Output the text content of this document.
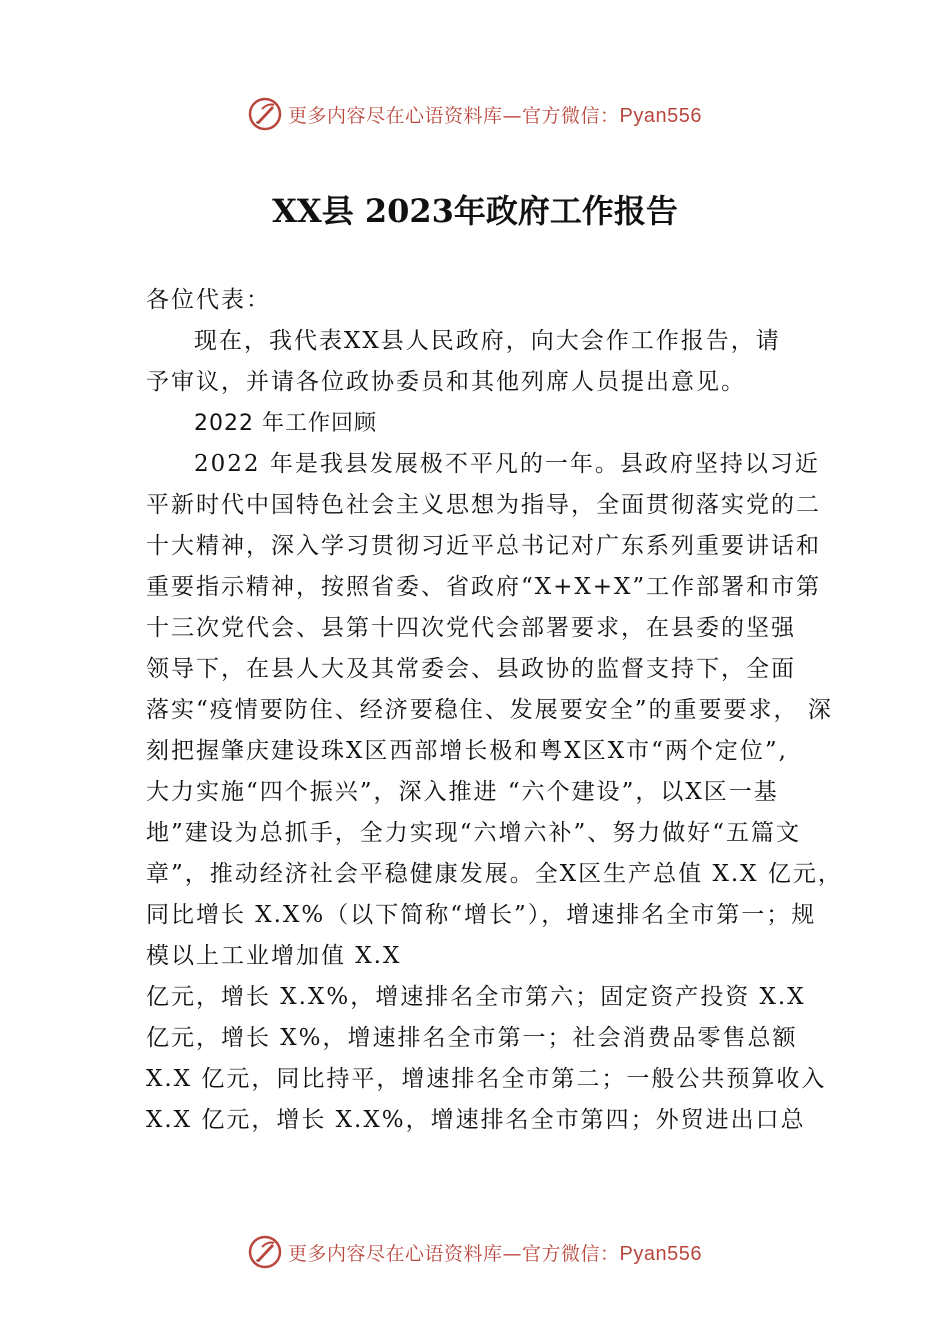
更多内容尽在心语资料库—官方微信：Pyan556
XX县 2023年政府工作报告
各位代表：
现在，我代表XX县人民政府，向大会作工作报告，请
予审议，并请各位政协委员和其他列席人员提出意见。
2022 年工作回顾
2022 年是我县发展极不平凡的一年。县政府坚持以习近
平新时代中国特色社会主义思想为指导，全面贯彻落实党的二
十大精神，深入学习贯彻习近平总书记对广东系列重要讲话和
重要指示精神，按照省委、省政府“X+X+X”工作部署和市第
十三次党代会、县第十四次党代会部署要求，在县委的坚强
领导下，在县人大及其常委会、县政协的监督支持下，全面
落实“疫情要防住、经济要稳住、发展要安全”的重要要求， 深
刻把握肇庆建设珠X区西部增长极和粤X区X市“两个定位”,
大力实施“四个振兴”，深入推进 “六个建设”，以X区一基
地”建设为总抓手，全力实现“六增六补”、努力做好“五篇文
章”，推动经济社会平稳健康发展。全X区生产总值 X.X 亿元，
同比增长 X.X%（以下简称“增长”），增速排名全市第一；规
模以上工业增加值 X.X
亿元，增长 X.X%，增速排名全市第六；固定资产投资 X.X
亿元，增长 X%，增速排名全市第一；社会消费品零售总额
X.X 亿元，同比持平，增速排名全市第二；一般公共预算收入
X.X 亿元，增长 X.X%，增速排名全市第四；外贸进出口总
更多内容尽在心语资料库—官方微信：Pyan556
